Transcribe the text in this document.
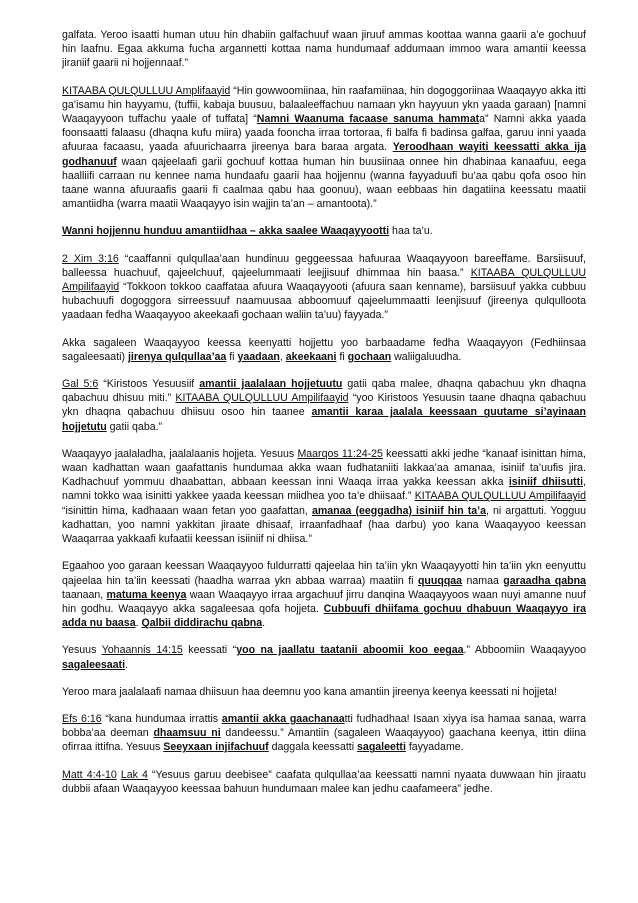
galfata. Yeroo isaatti human utuu hin dhabiin galfachuuf waan jiruuf ammas koottaa wanna gaarii a’e gochuuf hin laafnu. Egaa akkuma fucha argannetti kottaa nama hundumaaf addumaan immoo wara amantii keessa jiraniif gaarii ni hojjennaaf.”

KITAABA QULQULLUU Amplifaayid “Hin gowwoomiinaa, hin raafamiinaa, hin dogoggoriinaa Waaqayyo akka itti ga’isamu hin hayyamu, (tuffii, kabaja buusuu, balaaleeffachuu namaan ykn hayyuun ykn yaada garaan) [namni Waaqayyoon tuffachu yaale of tuffata] “Namni Waanuma facaase sanuma hammata” Namni akka yaada foonsaatti falaasu (dhaqna kufu miira) yaada fooncha irraa tortoraa, fi balfa fi badinsa galfaa, garuu inni yaada afuuraa facaasu, yaada afuurichaarra jireenya bara baraa argata. Yeroodhaan wayiti keessatti akka ija godhanuuf waan qajeelaafi garii gochuuf kottaa human hin buusiinaa onnee hin dhabinaa kanaafuu, eega haalliifi carraan nu kennee nama hundaafu gaarii haa hojjennu (wanna fayyaduufi bu’aa qabu qofa osoo hin taane wanna afuuraafis gaarii fi caalmaa qabu haa goonuu), waan eebbaas hin dagatiina keessatu maatii amantiidha (warra maatii Waaqayyo isin wajjin ta’an – amantoota).”

Wanni hojjennu hunduu amantiidhaa – akka saalee Waaqayyootti haa ta’u.

2 Xim 3:16 “caaffanni qulqullaa’aan hundinuu geggeessaa hafuuraa Waaqayyoon bareeffame. Barsiisuuf, balleessa huachuuf, qajeelchuuf, qajeelummaati leejjisuuf dhimmaa hin baasa.” KITAABA QULQULLUU Ampilifaayid “Tokkoon tokkoo caaffataa afuura Waaqayyooti (afuura saan kenname), barsiisuuf yakka cubbuu hubachuufi dogoggora sirreessuuf naamuusaa abboomuuf qajeelummaatti leenjisuuf (jireenya qulqulloota yaadaan fedha Waaqayyoo akeekaafi gochaan waliin ta’uu) fayyada.”

Akka sagaleen Waaqayyoo keessa keenyatti hojjettu yoo barbaadame fedha Waaqayyon (Fedhiinsaa sagaleesaati) jirenya qulqullaa’aa fi yaadaan, akeekaani fi gochaan waliigaluudha.

Gal 5:6 “Kiristoos Yesuusiif amantii jaalalaan hojjetuutu gatii qaba malee, dhaqna qabachuu ykn dhaqna qabachuu dhisuu miti.” KITAABA QULQULLUU Ampilifaayid “yoo Kiristoos Yesuusin taane dhaqna qabachuu ykn dhaqna qabachuu dhiisuu osoo hin taanee amantii karaa jaalala keessaan guutame si’ayinaan hojjetutu gatii qaba.”

Waaqayyo jaalaladha, jaalalaanis hojjeta. Yesuus Maarqos 11:24-25 keessatti akki jedhe “kanaaf isinittan hima, waan kadhattan waan gaafattanis hundumaa akka waan fudhataniiti lakkaa’aa amanaa, isiniif ta’uufis jira. Kadhachuuf yommuu dhaabattan, abbaan keessan inni Waaqa irraa yakka keessan akka isiniif dhiisutti, namni tokko waa isinitti yakkee yaada keessan miidhea yoo ta’e dhiisaaf.” KITAABA QULQULLUU Ampilifaayid “isinittin hima, kadhaaan waan fetan yoo gaafattan, amanaa (eeggadha) isiniif hin ta’a, ni argattuti. Yogguu kadhattan, yoo namni yakkitan jiraate dhisaaf, irraanfadhaaf (haa darbu) yoo kana Waaqayyoo keessan Waaqarraa yakkaafi kufaatii keessan isiiniif ni dhiisa.”

Egaahoo yoo garaan keessan Waaqayyoo fuldurratti qajeelaa hin ta’iin ykn Waaqayyotti hin ta’iin ykn eenyuttu qajeelaa hin ta’iin keessati (haadha warraa ykn abbaa warraa) maatiin fi quuqqaa namaa garaadha qabna taanaan, matuma keenya waan Waaqayyo irraa argachuuf jirru danqina Waaqayyoos waan nuyi amanne nuuf hin godhu. Waaqayyo akka sagaleesaa qofa hojjeta. Cubbuufi dhiifama gochuu dhabuun Waaqayyo ira adda nu baasa. Qalbii diddirachu qabna.

Yesuus Yohaannis 14:15 keessati “yoo na jaallatu taatanii aboomii koo eegaa.” Abboomiin Waaqayyoo sagaleesaati.

Yeroo mara jaalalaafi namaa dhiisuun haa deemnu yoo kana amantiin jireenya keenya keessati ni hojjeta!

Efs 6:16 “kana hundumaa irrattis amantii akka gaachanaatti fudhadhaa! Isaan xiyya isa hamaa sanaa, warra bobba’aa deeman dhaamsuu ni dandeessu.” Amantiin (sagaleen Waaqayyoo) gaachana keenya, ittin diina ofirraa ittifna. Yesuus Seeyxaan injifachuuf daggala keessatti sagaleetti fayyadame.

Matt 4:4-10 Lak 4 “Yesuus garuu deebisee” caafata qulqullaa’aa keessatti namni nyaata duwwaan hin jiraatu dubbii afaan Waaqayyoo keessaa bahuun hundumaan malee kan jedhu caafameera” jedhe.
